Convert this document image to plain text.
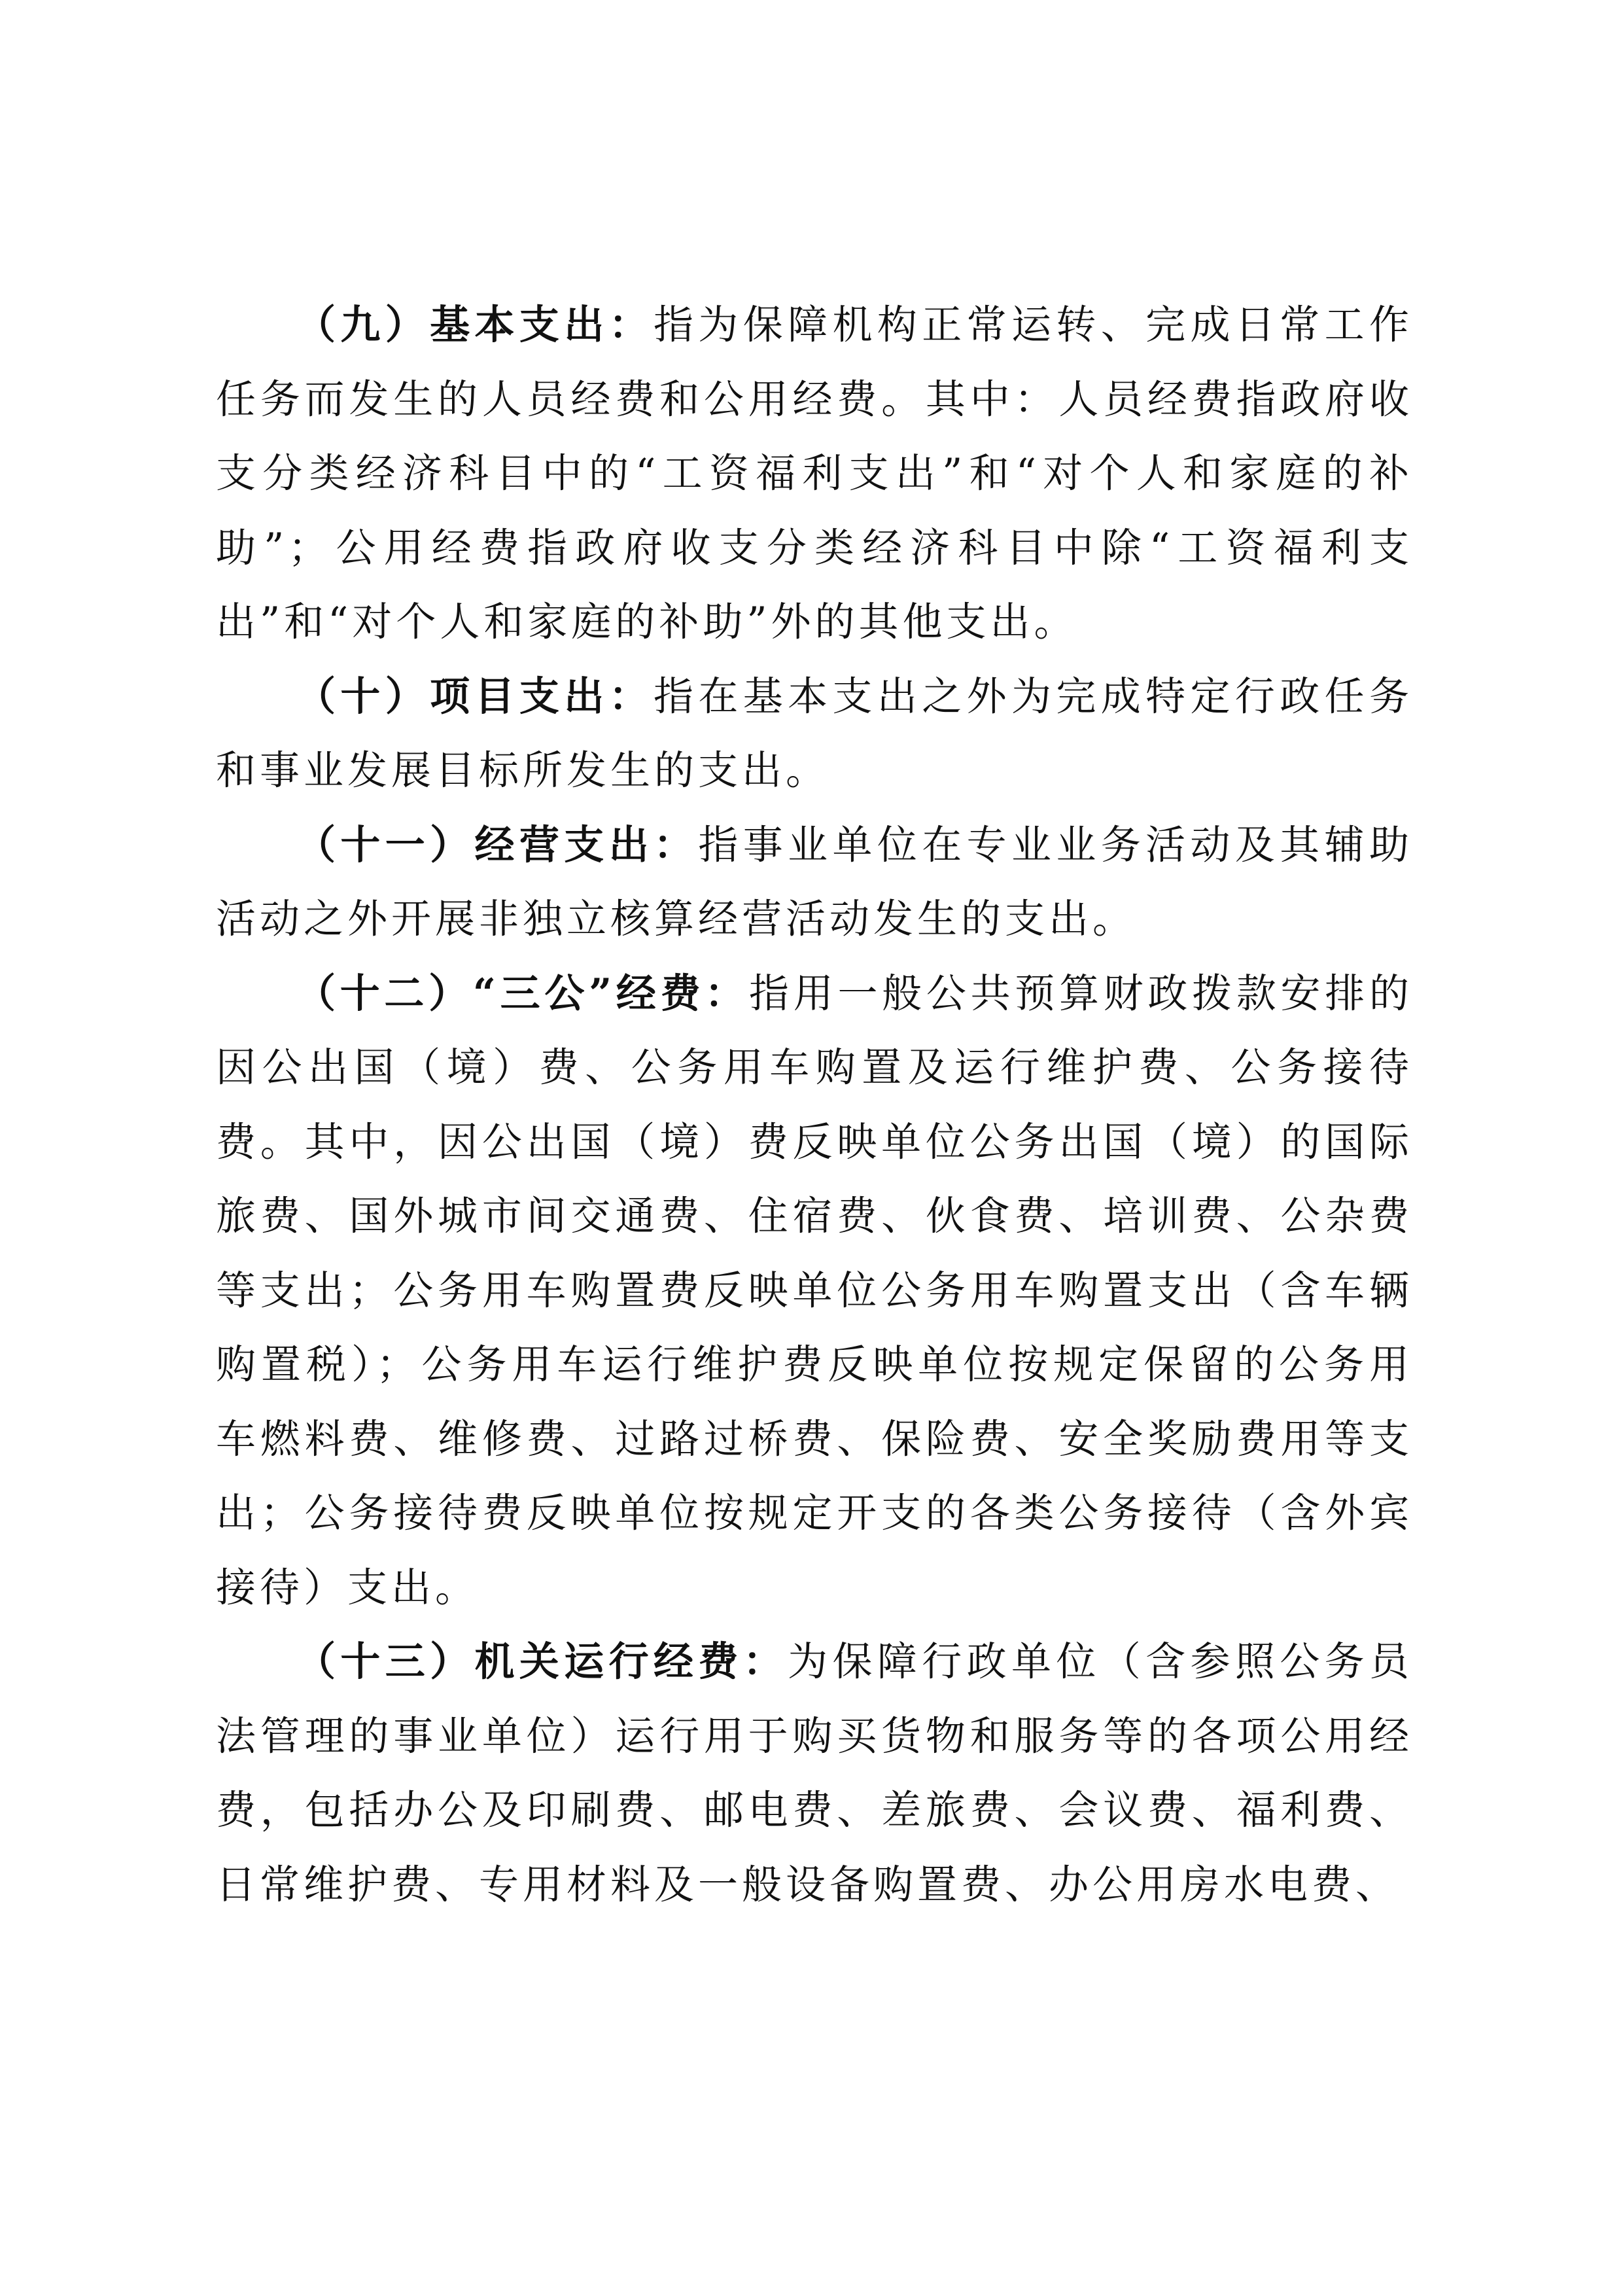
（九）基本支出：指为保障机构正常运转、完成日常工作任务而发生的人员经费和公用经费。其中：人员经费指政府收支分类经济科目中的“工资福利支出”和“对个人和家庭的补助”；公用经费指政府收支分类经济科目中除“工资福利支出”和“对个人和家庭的补助”外的其他支出。

（十）项目支出：指在基本支出之外为完成特定行政任务和事业发展目标所发生的支出。

（十一）经营支出：指事业单位在专业业务活动及其辅助活动之外开展非独立核算经营活动发生的支出。

（十二）“三公”经费：指用一般公共预算财政拨款安排的因公出国（境）费、公务用车购置及运行维护费、公务接待费。其中，因公出国（境）费反映单位公务出国（境）的国际旅费、国外城市间交通费、住宿费、伙食费、培训费、公杂费等支出；公务用车购置费反映单位公务用车购置支出（含车辆购置税）；公务用车运行维护费反映单位按规定保留的公务用车燃料费、维修费、过路过桥费、保险费、安全奖励费用等支出；公务接待费反映单位按规定开支的各类公务接待（含外宾接待）支出。

（十三）机关运行经费：为保障行政单位（含参照公务员法管理的事业单位）运行用于购买货物和服务等的各项公用经费，包括办公及印刷费、邮电费、差旅费、会议费、福利费、日常维护费、专用材料及一般设备购置费、办公用房水电费、
